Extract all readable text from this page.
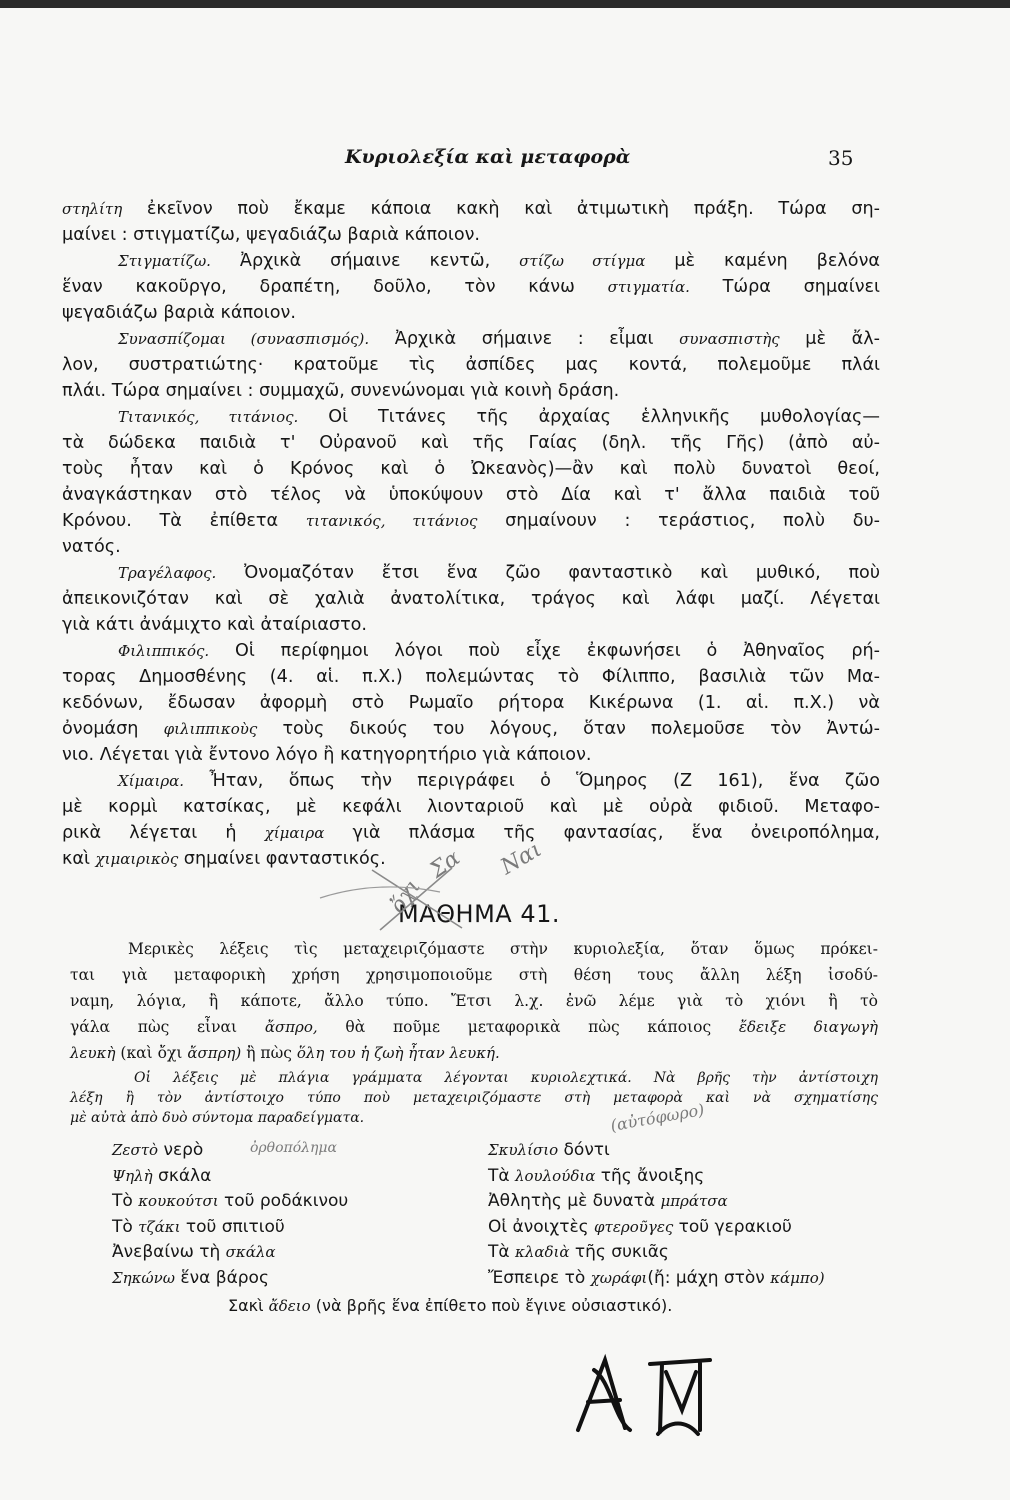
Κυριολεξία καὶ μεταφορὰ	35
στηλίτη ἐκεῖνον ποὺ ἔκαμε κάποια κακὴ καὶ ἀτιμωτικὴ πράξη. Τώρα ση-
μαίνει : στιγματίζω, ψεγαδιάζω βαριὰ κάποιον.
Στιγματίζω. Ἀρχικὰ σήμαινε κεντῶ, στίζω στίγμα μὲ καμένη βελόνα
ἕναν κακοῦργο, δραπέτη, δοῦλο, τὸν κάνω στιγματία. Τώρα σημαίνει
ψεγαδιάζω βαριὰ κάποιον.
Συνασπίζομαι (συνασπισμός). Ἀρχικὰ σήμαινε : εἶμαι συνασπιστὴς μὲ ἄλ-
λον, συστρατιώτης· κρατοῦμε τὶς ἀσπίδες μας κοντά, πολεμοῦμε πλάι
πλάι. Τώρα σημαίνει : συμμαχῶ, συνενώνομαι γιὰ κοινὴ δράση.
Τιτανικός, τιτάνιος. Οἱ Τιτάνες τῆς ἀρχαίας ἑλληνικῆς μυθολογίας—
τὰ δώδεκα παιδιὰ τ' Οὐρανοῦ καὶ τῆς Γαίας (δηλ. τῆς Γῆς) (ἀπὸ αὐ-
τοὺς ἦταν καὶ ὁ Κρόνος καὶ ὁ Ὠκεανὸς)—ἂν καὶ πολὺ δυνατοὶ θεοί,
ἀναγκάστηκαν στὸ τέλος νὰ ὑποκύψουν στὸ Δία καὶ τ' ἄλλα παιδιὰ τοῦ
Κρόνου. Τὰ ἐπίθετα τιτανικός, τιτάνιος σημαίνουν : τεράστιος, πολὺ δυ-
νατός.
Τραγέλαφος. Ὀνομαζόταν ἔτσι ἕνα ζῶο φανταστικὸ καὶ μυθικό, ποὺ
ἀπεικονιζόταν καὶ σὲ χαλιὰ ἀνατολίτικα, τράγος καὶ λάφι μαζί. Λέγεται
γιὰ κάτι ἀνάμιχτο καὶ ἀταίριαστο.
Φιλιππικός. Οἱ περίφημοι λόγοι ποὺ εἶχε ἐκφωνήσει ὁ Ἀθηναῖος ρή-
τορας Δημοσθένης (4. αἱ. π.Χ.) πολεμώντας τὸ Φίλιππο, βασιλιὰ τῶν Μα-
κεδόνων, ἔδωσαν ἀφορμὴ στὸ Ρωμαῖο ρήτορα Κικέρωνα (1. αἱ. π.Χ.) νὰ
ὀνομάση φιλιππικοὺς τοὺς δικούς του λόγους, ὅταν πολεμοῦσε τὸν Ἀντώ-
νιο. Λέγεται γιὰ ἔντονο λόγο ἢ κατηγορητήριο γιὰ κάποιον.
Χίμαιρα. Ἦταν, ὅπως τὴν περιγράφει ὁ Ὅμηρος (Ζ 161), ἕνα ζῶο
μὲ κορμὶ κατσίκας, μὲ κεφάλι λιονταριοῦ καὶ μὲ οὐρὰ φιδιοῦ. Μεταφο-
ρικὰ λέγεται ἡ χίμαιρα γιὰ πλάσμα τῆς φαντασίας, ἕνα ὀνειροπόλημα,
καὶ χιμαιρικὸς σημαίνει φανταστικός.
ΜΑΘΗΜΑ 41.
Μερικὲς λέξεις τὶς μεταχειριζόμαστε στὴν κυριολεξία, ὅταν ὅμως πρόκει-
ται γιὰ μεταφορικὴ χρήση χρησιμοποιοῦμε στὴ θέση τους ἄλλη λέξη ἰσοδύ-
ναμη, λόγια, ἢ κάποτε, ἄλλο τύπο. Ἔτσι λ.χ. ἐνῶ λέμε γιὰ τὸ χιόνι ἢ τὸ
γάλα πὼς εἶναι ἄσπρο, θὰ ποῦμε μεταφορικὰ πὼς κάποιος ἔδειξε διαγωγὴ
λευκὴ (καὶ ὄχι ἄσπρη) ἢ πὼς ὅλη του ἡ ζωὴ ἦταν λευκή.
Οἱ λέξεις μὲ πλάγια γράμματα λέγονται κυριολεχτικά. Νὰ βρῆς τὴν ἀντίστοιχη
λέξη ἢ τὸν ἀντίστοιχο τύπο ποὺ μεταχειριζόμαστε στὴ μεταφορὰ καὶ νὰ σχηματίσης
μὲ αὐτὰ ἀπὸ δυὸ σύντομα παραδείγματα.
Ζεστὸ νερὸ
Ψηλὴ σκάλα
Τὸ κουκούτσι τοῦ ροδάκινου
Τὸ τζάκι τοῦ σπιτιοῦ
Ἀνεβαίνω τὴ σκάλα
Σηκώνω ἕνα βάρος
Σκυλίσιο δόντι
Τὰ λουλούδια τῆς ἄνοιξης
Ἀθλητὴς μὲ δυνατὰ μπράτσα
Οἱ ἀνοιχτὲς φτεροῦγες τοῦ γερακιοῦ
Τὰ κλαδιὰ τῆς συκιᾶς
Ἔσπειρε τὸ χωράφι(ἤ: μάχη στὸν κάμπο)
Σακὶ ἄδειο (νὰ βρῆς ἕνα ἐπίθετο ποὺ ἔγινε οὐσιαστικό).
ὄχι
Σα Ναι
ὀρθοπόλημα
(αὐτόφωρο)
